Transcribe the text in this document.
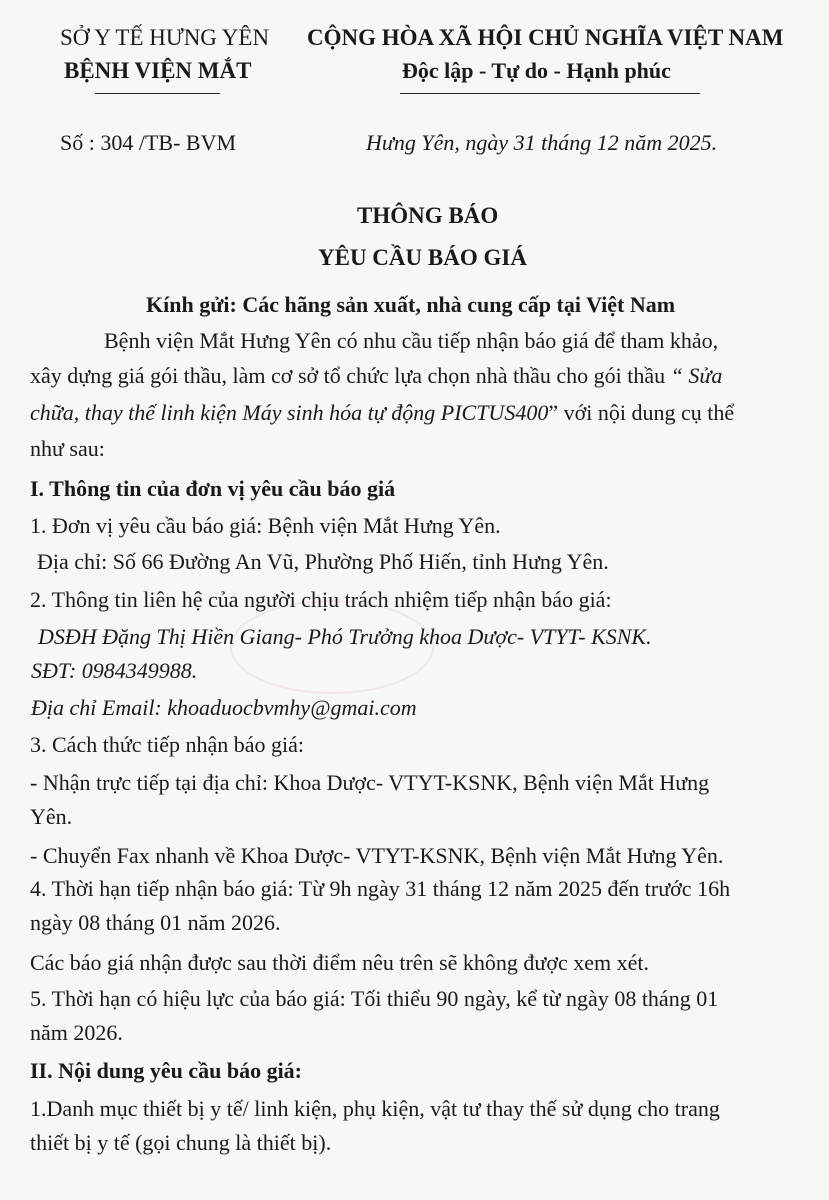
SỞ Y TẾ HƯNG YÊN
BỆNH VIỆN MẮT
CỘNG HÒA XÃ HỘI CHỦ NGHĨA VIỆT NAM
Độc lập - Tự do - Hạnh phúc
Số : 304 /TB- BVM	Hưng Yên, ngày 31 tháng 12 năm 2025.
THÔNG BÁO
YÊU CẦU BÁO GIÁ
Kính gửi: Các hãng sản xuất, nhà cung cấp tại Việt Nam
Bệnh viện Mắt Hưng Yên có nhu cầu tiếp nhận báo giá để tham khảo,
xây dựng giá gói thầu, làm cơ sở tổ chức lựa chọn nhà thầu cho gói thầu “ Sửa
chữa, thay thế linh kiện Máy sinh hóa tự động PICTUS400” với nội dung cụ thể
như sau:
I. Thông tin của đơn vị yêu cầu báo giá
1. Đơn vị yêu cầu báo giá: Bệnh viện Mắt Hưng Yên.
Địa chỉ: Số 66 Đường An Vũ, Phường Phố Hiến, tỉnh Hưng Yên.
2. Thông tin liên hệ của người chịu trách nhiệm tiếp nhận báo giá:
DSĐH Đặng Thị Hiền Giang- Phó Trưởng khoa Dược- VTYT- KSNK.
SĐT: 0984349988.
Địa chỉ Email: khoaduocbvmhy@gmai.com
3. Cách thức tiếp nhận báo giá:
- Nhận trực tiếp tại địa chỉ: Khoa Dược- VTYT-KSNK, Bệnh viện Mắt Hưng
Yên.
- Chuyển Fax nhanh về Khoa Dược- VTYT-KSNK, Bệnh viện Mắt Hưng Yên.
4. Thời hạn tiếp nhận báo giá: Từ 9h ngày 31 tháng 12 năm 2025 đến trước 16h
ngày 08 tháng 01 năm 2026.
Các báo giá nhận được sau thời điểm nêu trên sẽ không được xem xét.
5. Thời hạn có hiệu lực của báo giá: Tối thiểu 90 ngày, kể từ ngày 08 tháng 01
năm 2026.
II. Nội dung yêu cầu báo giá:
1.Danh mục thiết bị y tế/ linh kiện, phụ kiện, vật tư thay thế sử dụng cho trang
thiết bị y tế (gọi chung là thiết bị).
